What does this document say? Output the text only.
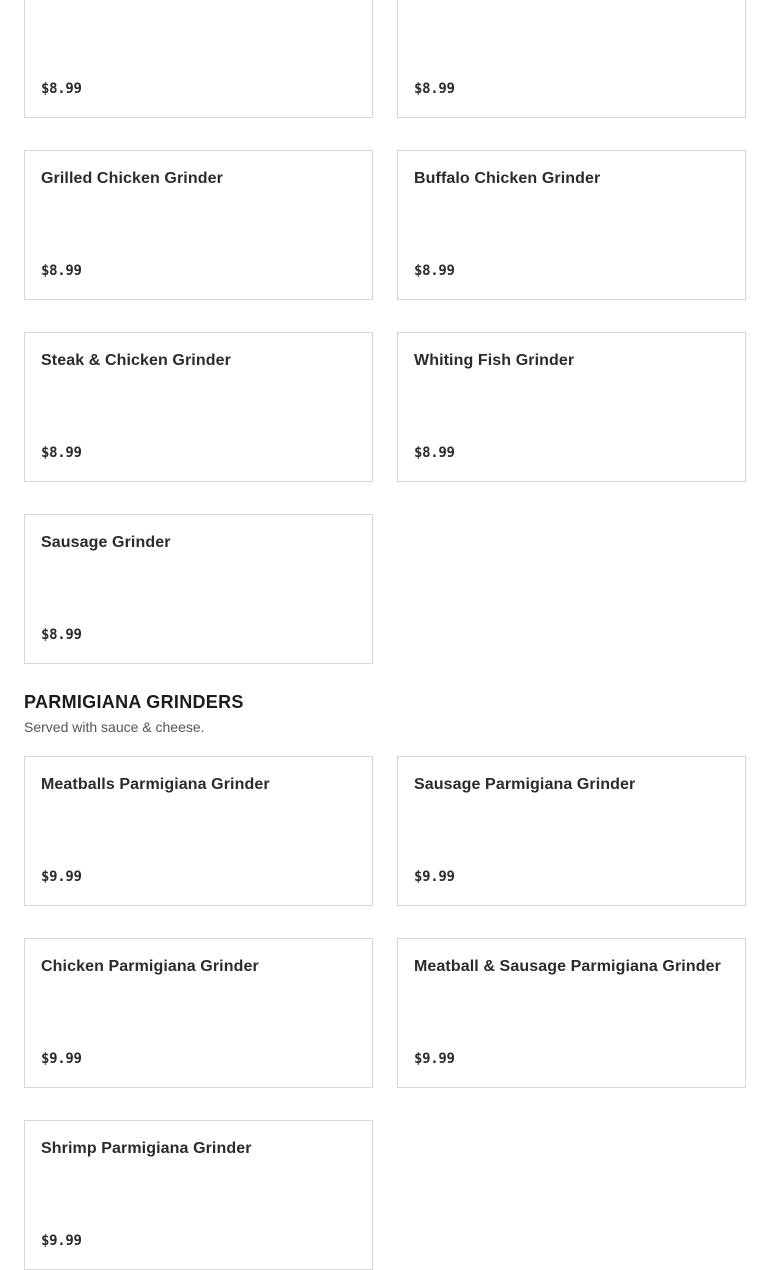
$8.99	$8.99
Grilled Chicken Grinder
$8.99
Buffalo Chicken Grinder
$8.99
Steak & Chicken Grinder
$8.99
Whiting Fish Grinder
$8.99
Sausage Grinder
$8.99
PARMIGIANA GRINDERS
Served with sauce & cheese.
Meatballs Parmigiana Grinder
$9.99
Sausage Parmigiana Grinder
$9.99
Chicken Parmigiana Grinder
$9.99
Meatball & Sausage Parmigiana Grinder
$9.99
Shrimp Parmigiana Grinder
$9.99
